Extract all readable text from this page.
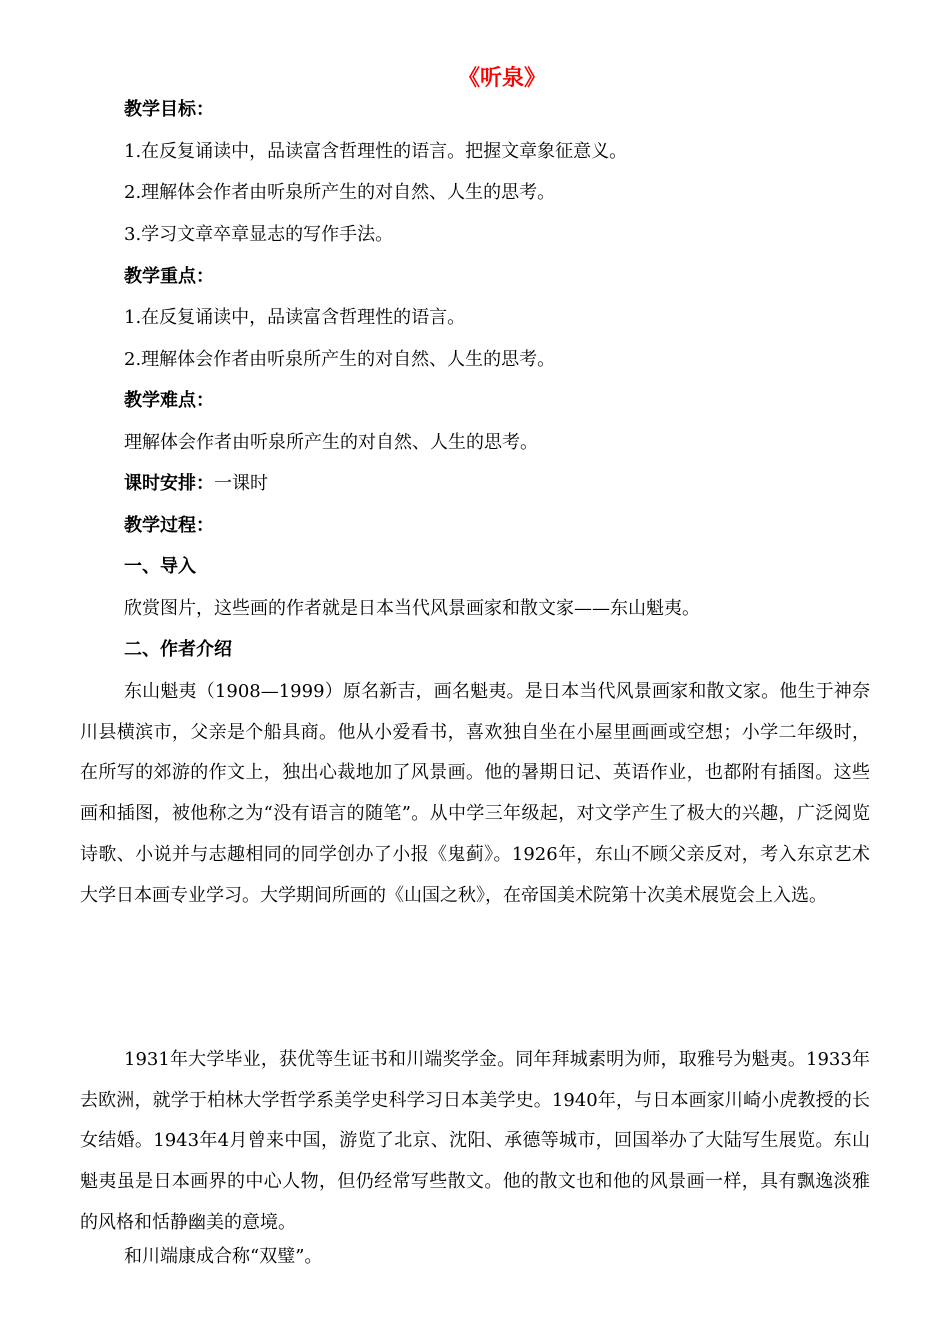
《听泉》
教学目标：
1.在反复诵读中，品读富含哲理性的语言。把握文章象征意义。
2.理解体会作者由听泉所产生的对自然、人生的思考。
3.学习文章卒章显志的写作手法。
教学重点：
1.在反复诵读中，品读富含哲理性的语言。
2.理解体会作者由听泉所产生的对自然、人生的思考。
教学难点：
理解体会作者由听泉所产生的对自然、人生的思考。
课时安排：一课时
教学过程：
一、导入
欣赏图片，这些画的作者就是日本当代风景画家和散文家——东山魁夷。
二、作者介绍
东山魁夷（1908—1999）原名新吉，画名魁夷。是日本当代风景画家和散文家。他生于神奈川县横滨市，父亲是个船具商。他从小爱看书，喜欢独自坐在小屋里画画或空想；小学二年级时，在所写的郊游的作文上，独出心裁地加了风景画。他的暑期日记、英语作业，也都附有插图。这些画和插图，被他称之为“没有语言的随笔”。从中学三年级起，对文学产生了极大的兴趣，广泛阅览诗歌、小说并与志趣相同的同学创办了小报《鬼蓟》。1926年，东山不顾父亲反对，考入东京艺术大学日本画专业学习。大学期间所画的《山国之秋》，在帝国美术院第十次美术展览会上入选。
1931年大学毕业，获优等生证书和川端奖学金。同年拜城素明为师，取雅号为魁夷。1933年去欧洲，就学于柏林大学哲学系美学史科学习日本美学史。1940年，与日本画家川崎小虎教授的长女结婚。1943年4月曾来中国，游览了北京、沈阳、承德等城市，回国举办了大陆写生展览。东山魁夷虽是日本画界的中心人物，但仍经常写些散文。他的散文也和他的风景画一样，具有飘逸淡雅的风格和恬静幽美的意境。
和川端康成合称“双璧”。
